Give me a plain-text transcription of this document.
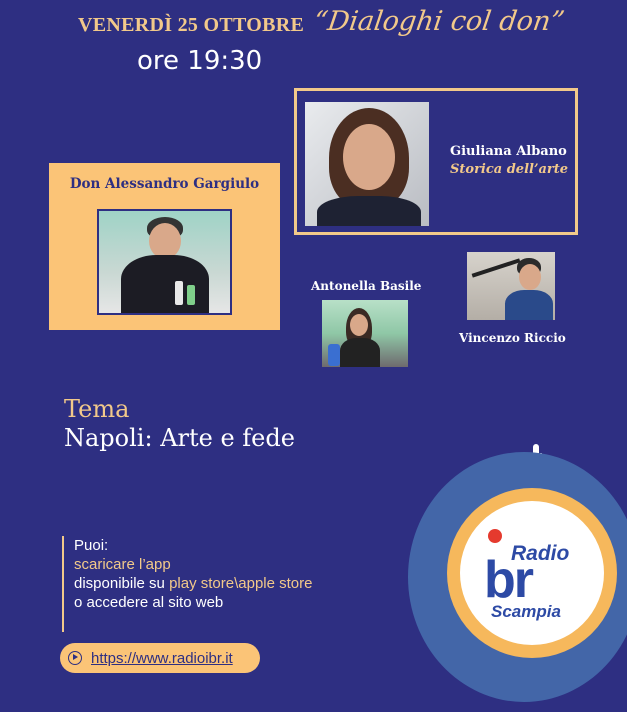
VENERDÌ 25 OTTOBRE “Dialoghi col don”
ore 19:30
Giuliana Albano
Storica dell’arte
Don Alessandro Gargiulo
Antonella Basile
Vincenzo Riccio
Tema
Napoli: Arte e fede
Puoi:
scaricare l’app
disponibile su play store\apple store
o accedere al sito web
https://www.radioibr.it
Radio
br
Scampia
